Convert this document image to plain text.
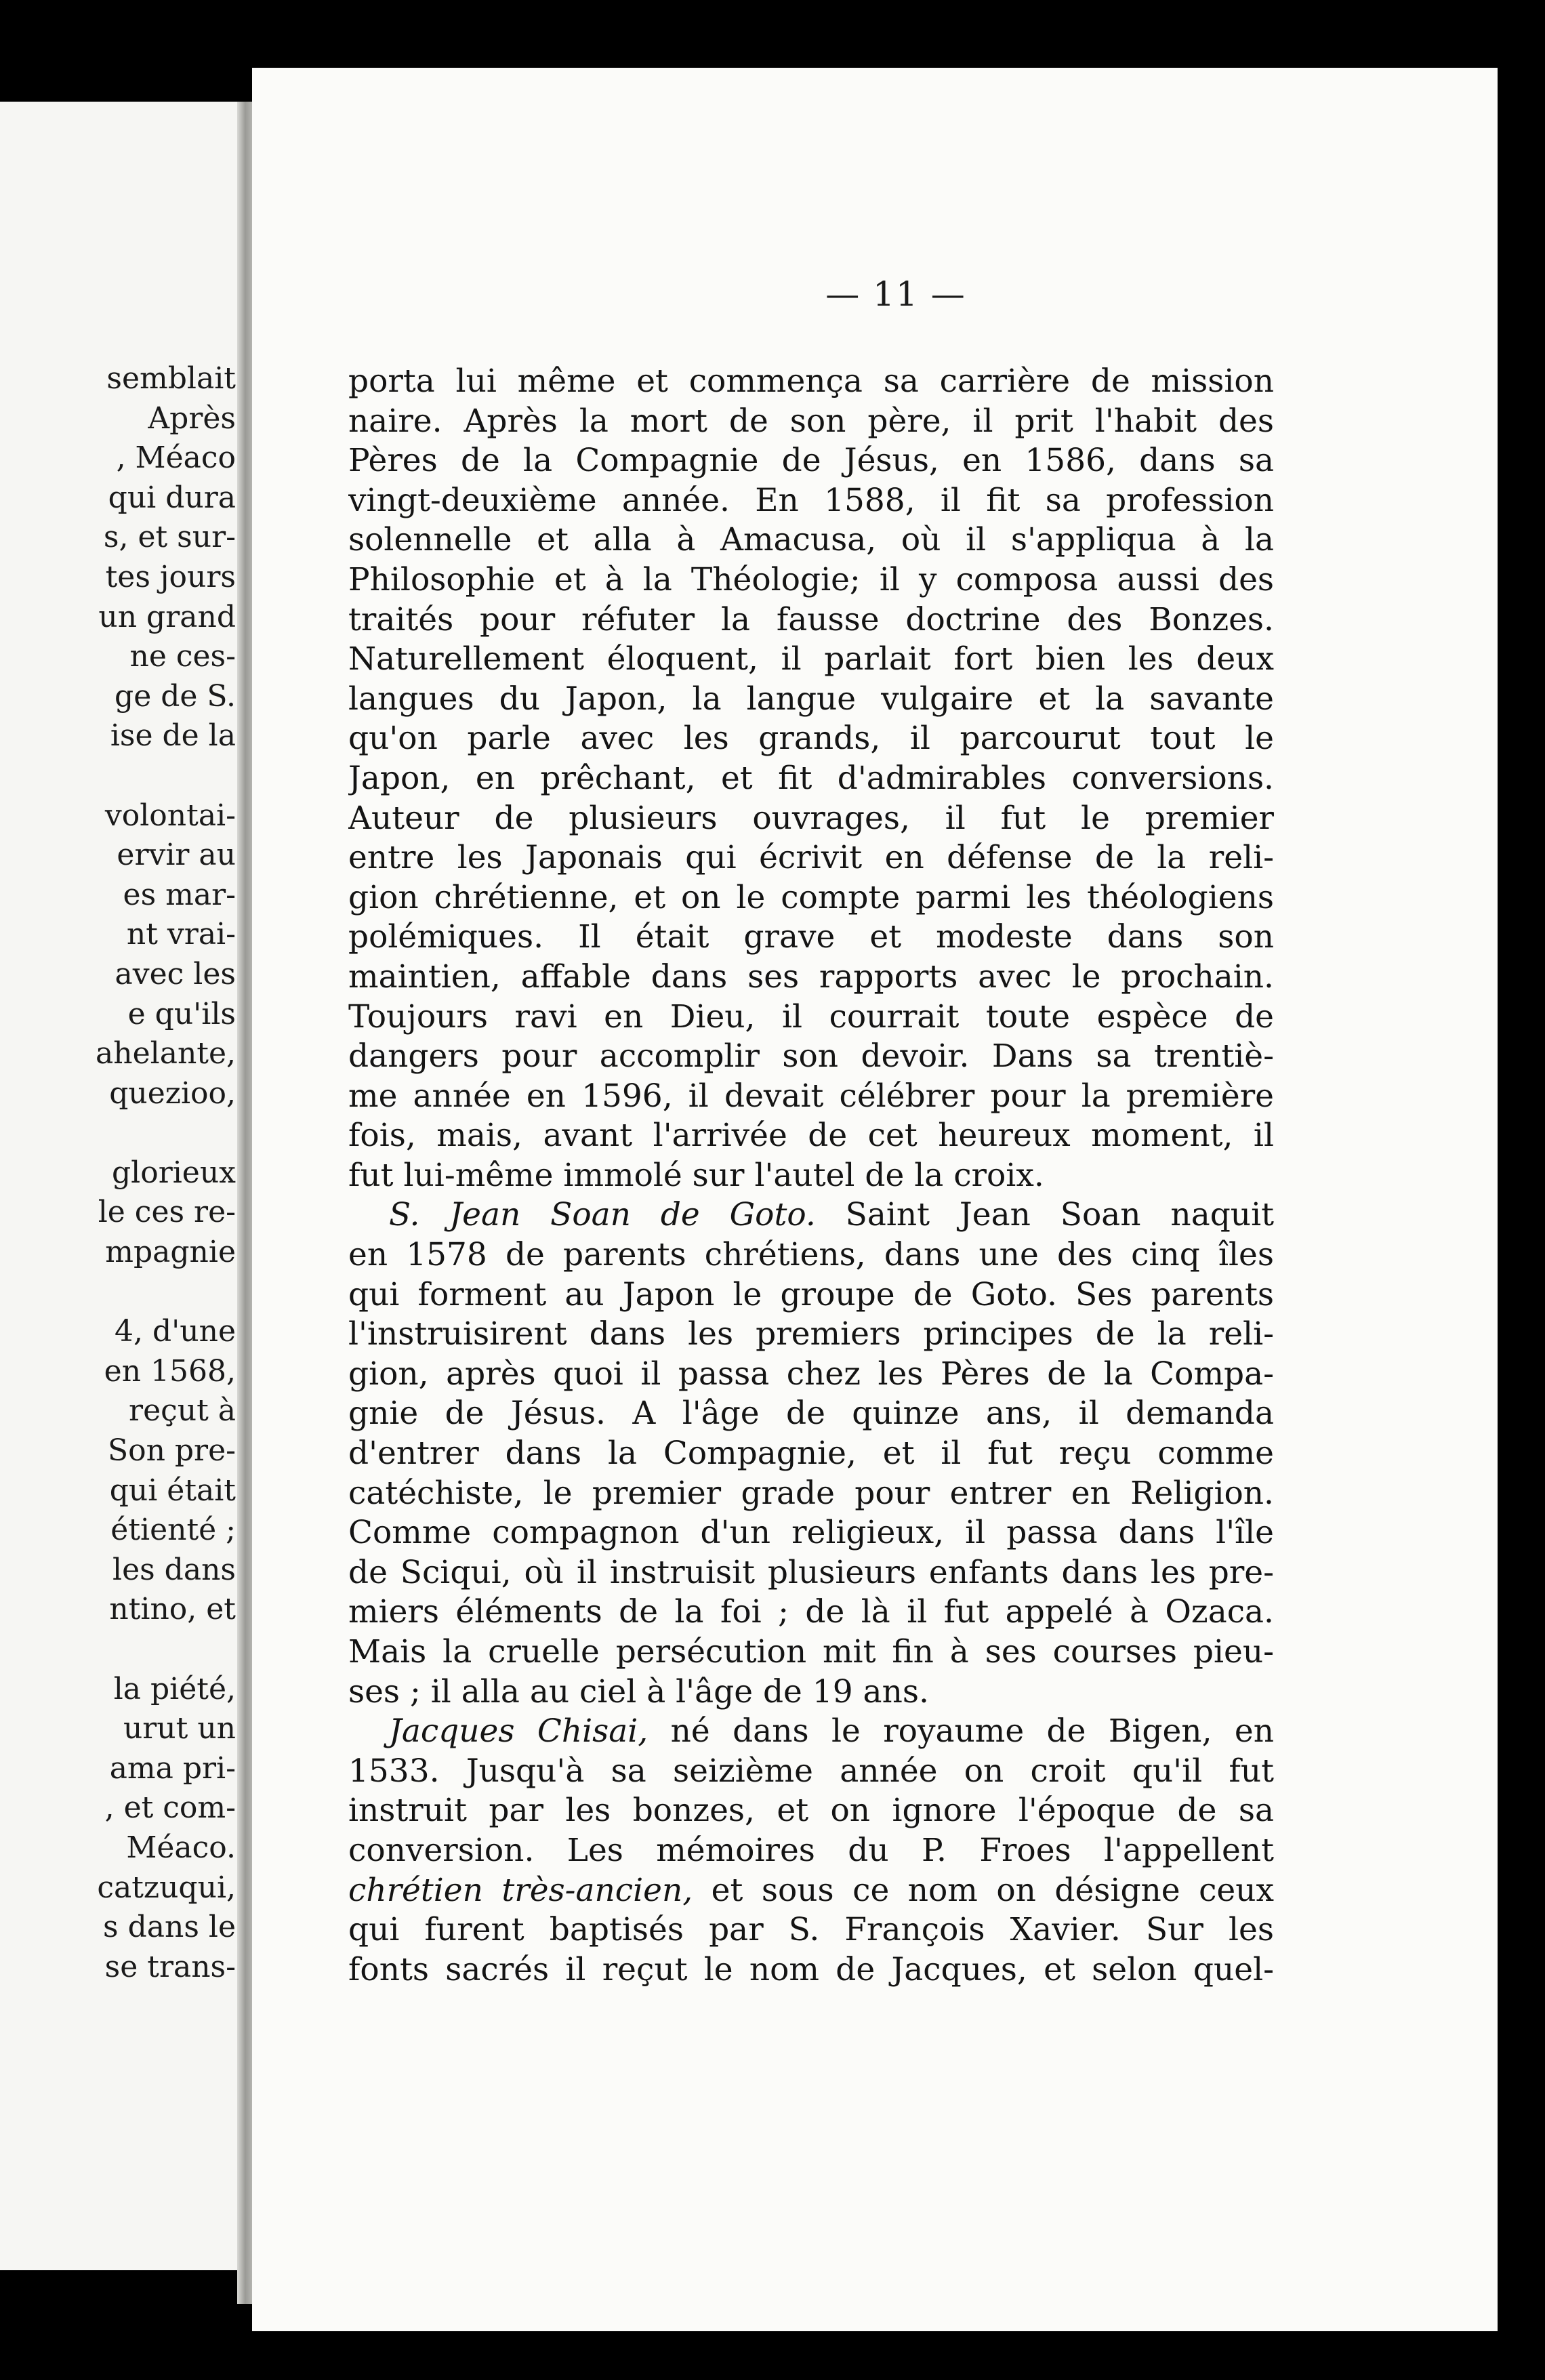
semblait
Après
, Méaco
qui dura
s, et sur-
tes jours
un grand
ne ces-
ge de S.
ise de la
volontai-
ervir au
es mar-
nt vrai-
avec les
e qu'ils
ahelante,
quezioo,
glorieux
le ces re-
mpagnie
4, d'une
en 1568,
reçut à
Son pre-
qui était
étienté ;
les dans
ntino, et
la piété,
urut un
ama pri-
, et com-
Méaco.
catzuqui,
s dans le
se trans-
— 11 —
porta lui même et commença sa carrière de mission
naire. Après la mort de son père, il prit l'habit des
Pères de la Compagnie de Jésus, en 1586, dans sa
vingt-deuxième année. En 1588, il fit sa profession
solennelle et alla à Amacusa, où il s'appliqua à la
Philosophie et à la Théologie; il y composa aussi des
traités pour réfuter la fausse doctrine des Bonzes.
Naturellement éloquent, il parlait fort bien les deux
langues du Japon, la langue vulgaire et la savante
qu'on parle avec les grands, il parcourut tout le
Japon, en prêchant, et fit d'admirables conversions.
Auteur de plusieurs ouvrages, il fut le premier
entre les Japonais qui écrivit en défense de la reli-
gion chrétienne, et on le compte parmi les théologiens
polémiques. Il était grave et modeste dans son
maintien, affable dans ses rapports avec le prochain.
Toujours ravi en Dieu, il courrait toute espèce de
dangers pour accomplir son devoir. Dans sa trentiè-
me année en 1596, il devait célébrer pour la première
fois, mais, avant l'arrivée de cet heureux moment, il
fut lui-même immolé sur l'autel de la croix.
S. Jean Soan de Goto. Saint Jean Soan naquit
en 1578 de parents chrétiens, dans une des cinq îles
qui forment au Japon le groupe de Goto. Ses parents
l'instruisirent dans les premiers principes de la reli-
gion, après quoi il passa chez les Pères de la Compa-
gnie de Jésus. A l'âge de quinze ans, il demanda
d'entrer dans la Compagnie, et il fut reçu comme
catéchiste, le premier grade pour entrer en Religion.
Comme compagnon d'un religieux, il passa dans l'île
de Sciqui, où il instruisit plusieurs enfants dans les pre-
miers éléments de la foi ; de là il fut appelé à Ozaca.
Mais la cruelle persécution mit fin à ses courses pieu-
ses ; il alla au ciel à l'âge de 19 ans.
Jacques Chisai, né dans le royaume de Bigen, en
1533. Jusqu'à sa seizième année on croit qu'il fut
instruit par les bonzes, et on ignore l'époque de sa
conversion. Les mémoires du P. Froes l'appellent
chrétien très-ancien, et sous ce nom on désigne ceux
qui furent baptisés par S. François Xavier. Sur les
fonts sacrés il reçut le nom de Jacques, et selon quel-
